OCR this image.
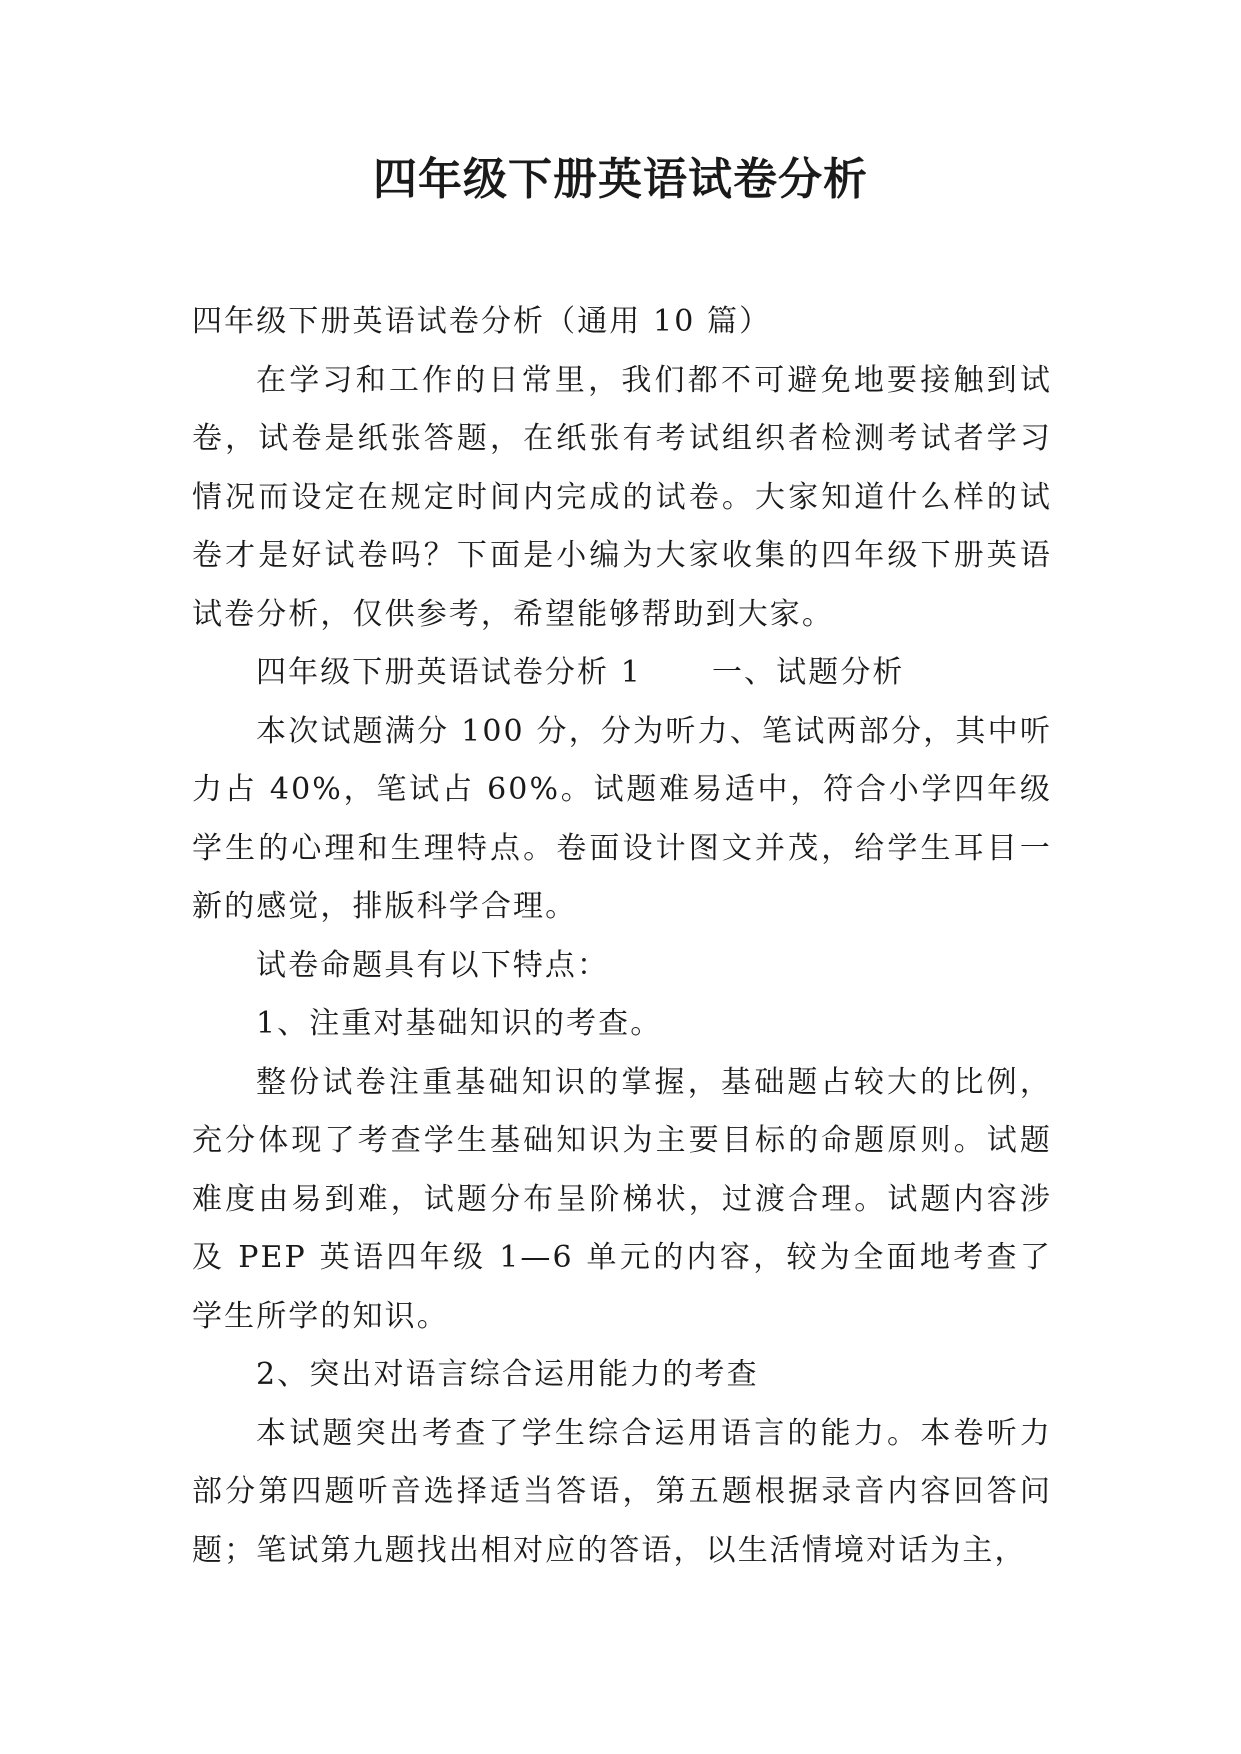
四年级下册英语试卷分析

四年级下册英语试卷分析（通用 10 篇）

在学习和工作的日常里，我们都不可避免地要接触到试卷，试卷是纸张答题，在纸张有考试组织者检测考试者学习情况而设定在规定时间内完成的试卷。大家知道什么样的试卷才是好试卷吗？下面是小编为大家收集的四年级下册英语试卷分析，仅供参考，希望能够帮助到大家。

四年级下册英语试卷分析 1 一、试题分析

本次试题满分 100 分，分为听力、笔试两部分，其中听力占 40%，笔试占 60%。试题难易适中，符合小学四年级学生的心理和生理特点。卷面设计图文并茂，给学生耳目一新的感觉，排版科学合理。

试卷命题具有以下特点：

1、注重对基础知识的考查。

整份试卷注重基础知识的掌握，基础题占较大的比例，充分体现了考查学生基础知识为主要目标的命题原则。试题难度由易到难，试题分布呈阶梯状，过渡合理。试题内容涉及 PEP 英语四年级 1—6 单元的内容，较为全面地考查了学生所学的知识。

2、突出对语言综合运用能力的考查

本试题突出考查了学生综合运用语言的能力。本卷听力部分第四题听音选择适当答语，第五题根据录音内容回答问题；笔试第九题找出相对应的答语，以生活情境对话为主，
